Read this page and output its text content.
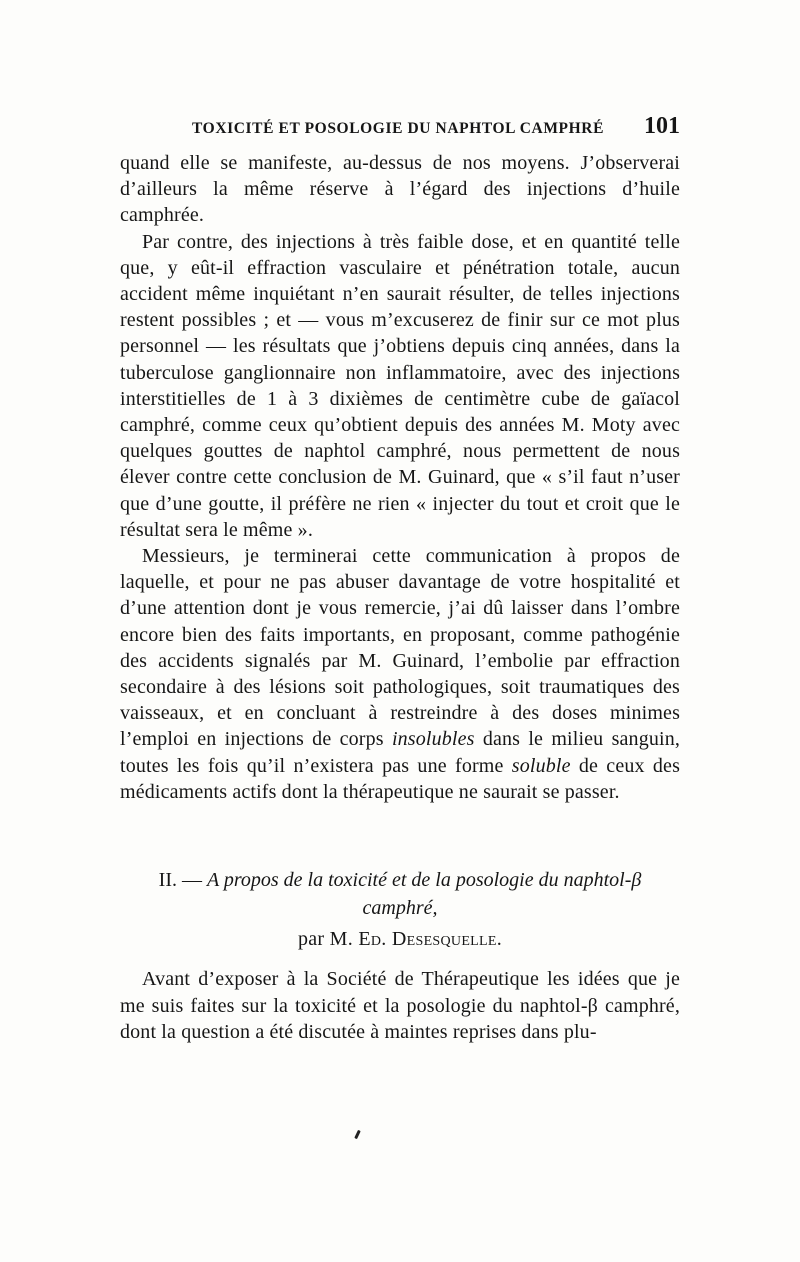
TOXICITÉ ET POSOLOGIE DU NAPHTOL CAMPHRÉ 101

quand elle se manifeste, au-dessus de nos moyens. J’observerai d’ailleurs la même réserve à l’égard des injections d’huile camphrée.

Par contre, des injections à très faible dose, et en quantité telle que, y eût-il effraction vasculaire et pénétration totale, aucun accident même inquiétant n’en saurait résulter, de telles injections restent possibles ; et — vous m’excuserez de finir sur ce mot plus personnel — les résultats que j’obtiens depuis cinq années, dans la tuberculose ganglionnaire non inflammatoire, avec des injections interstitielles de 1 à 3 dixièmes de centimètre cube de gaïacol camphré, comme ceux qu’obtient depuis des années M. Moty avec quelques gouttes de naphtol camphré, nous permettent de nous élever contre cette conclusion de M. Guinard, que « s’il faut n’user que d’une goutte, il préfère ne rien « injecter du tout et croit que le résultat sera le même ».

Messieurs, je terminerai cette communication à propos de laquelle, et pour ne pas abuser davantage de votre hospitalité et d’une attention dont je vous remercie, j’ai dû laisser dans l’ombre encore bien des faits importants, en proposant, comme pathogénie des accidents signalés par M. Guinard, l’embolie par effraction secondaire à des lésions soit pathologiques, soit traumatiques des vaisseaux, et en concluant à restreindre à des doses minimes l’emploi en injections de corps insolubles dans le milieu sanguin, toutes les fois qu’il n’existera pas une forme soluble de ceux des médicaments actifs dont la thérapeutique ne saurait se passer.

II. — A propos de la toxicité et de la posologie du naphtol-β camphré,
par M. Ed. Desesquelle.

Avant d’exposer à la Société de Thérapeutique les idées que je me suis faites sur la toxicité et la posologie du naphtol-β camphré, dont la question a été discutée à maintes reprises dans plu-
